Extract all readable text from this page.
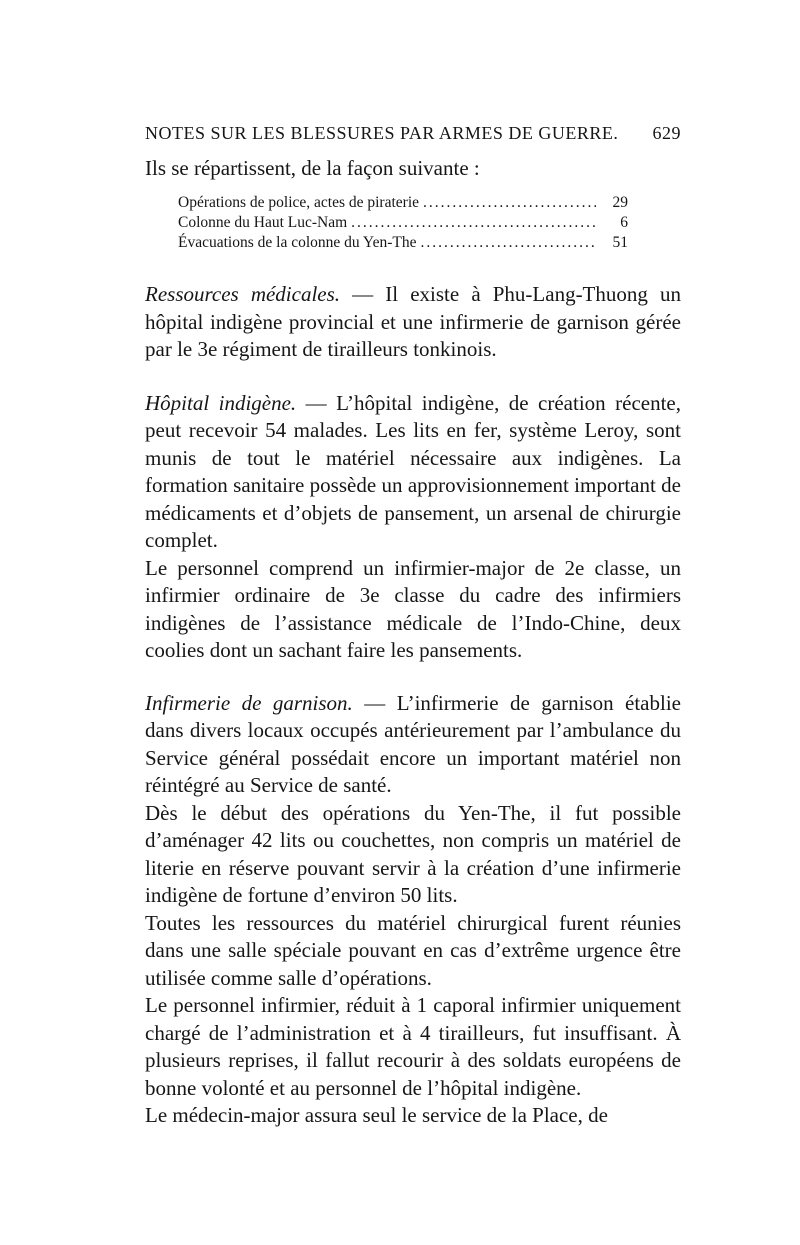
NOTES SUR LES BLESSURES PAR ARMES DE GUERRE. 629

Ils se répartissent, de la façon suivante :

Opérations de police, actes de piraterie .....	29
Colonne du Haut Luc-Nam .....	6
Évacuations de la colonne du Yen-The .....	51

Ressources médicales. — Il existe à Phu-Lang-Thuong un hôpital indigène provincial et une infirmerie de garnison gérée par le 3e régiment de tirailleurs tonkinois.

Hôpital indigène. — L’hôpital indigène, de création récente, peut recevoir 54 malades. Les lits en fer, système Leroy, sont munis de tout le matériel nécessaire aux indigènes. La formation sanitaire possède un approvisionnement important de médicaments et d’objets de pansement, un arsenal de chirurgie complet.

Le personnel comprend un infirmier-major de 2e classe, un infirmier ordinaire de 3e classe du cadre des infirmiers indigènes de l’assistance médicale de l’Indo-Chine, deux coolies dont un sachant faire les pansements.

Infirmerie de garnison. — L’infirmerie de garnison établie dans divers locaux occupés antérieurement par l’ambulance du Service général possédait encore un important matériel non réintégré au Service de santé.

Dès le début des opérations du Yen-The, il fut possible d’aménager 42 lits ou couchettes, non compris un matériel de literie en réserve pouvant servir à la création d’une infirmerie indigène de fortune d’environ 50 lits.

Toutes les ressources du matériel chirurgical furent réunies dans une salle spéciale pouvant en cas d’extrême urgence être utilisée comme salle d’opérations.

Le personnel infirmier, réduit à 1 caporal infirmier uniquement chargé de l’administration et à 4 tirailleurs, fut insuffisant. À plusieurs reprises, il fallut recourir à des soldats européens de bonne volonté et au personnel de l’hôpital indigène.

Le médecin-major assura seul le service de la Place, de
